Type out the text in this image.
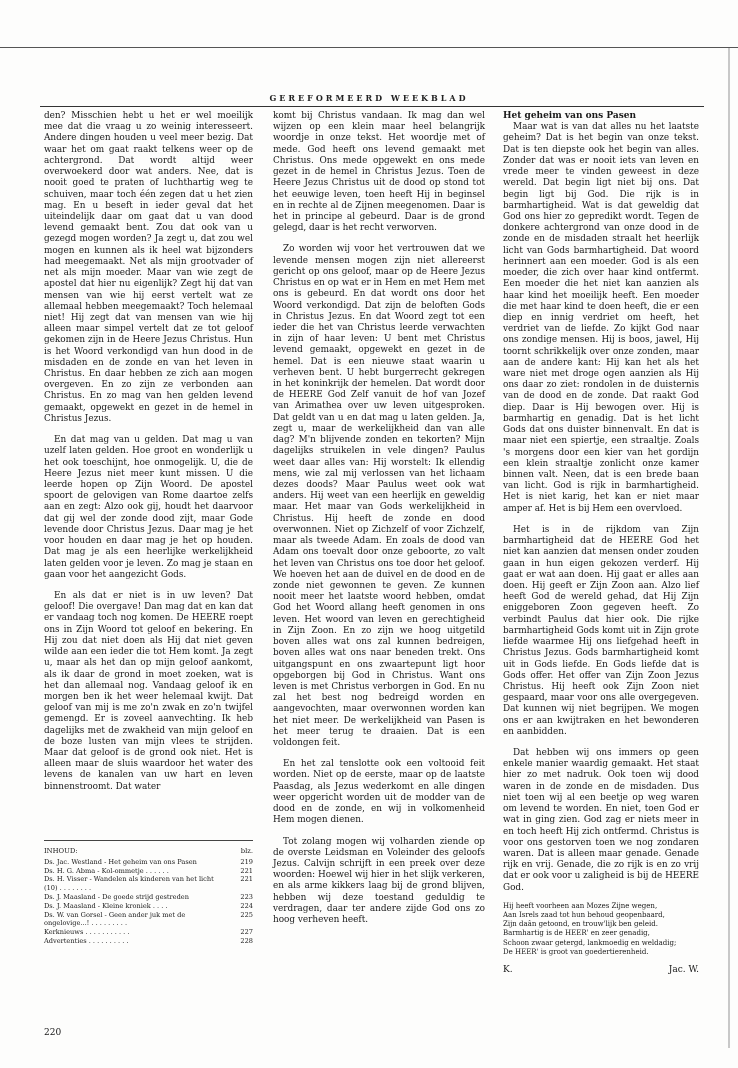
GEREFORMEERD WEEKBLAD

den? Misschien hebt u het er wel moeilijk mee dat die vraag u zo weinig interesseert. Andere dingen houden u veel meer bezig. Dat waar het om gaat raakt telkens weer op de achtergrond. Dat wordt altijd weer overwoekerd door wat anders. Nee, dat is nooit goed te praten of luchthartig weg te schuiven, maar toch één zegen dat u het zien mag. En u beseft in ieder geval dat het uiteindelijk daar om gaat dat u van dood levend gemaakt bent. Zou dat ook van u gezegd mogen worden? Ja zegt u, dat zou wel mogen en kunnen als ik heel wat bijzonders had meegemaakt. Net als mijn grootvader of net als mijn moeder. Maar van wie zegt de apostel dat hier nu eigenlijk? Zegt hij dat van mensen van wie hij eerst vertelt wat ze allemaal hebben meegemaakt? Toch helemaal niet! Hij zegt dat van mensen van wie hij alleen maar simpel vertelt dat ze tot geloof gekomen zijn in de Heere Jezus Christus. Hun is het Woord verkondigd van hun dood in de misdaden en de zonde en van het leven in Christus. En daar hebben ze zich aan mogen overgeven. En zo zijn ze verbonden aan Christus. En zo mag van hen gelden levend gemaakt, opgewekt en gezet in de hemel in Christus Jezus.

En dat mag van u gelden. Dat mag u van uzelf laten gelden. Hoe groot en wonderlijk u het ook toeschijnt, hoe onmogelijk. U, die de Heere Jezus niet meer kunt missen. U die leerde hopen op Zijn Woord. De apostel spoort de gelovigen van Rome daartoe zelfs aan en zegt: Alzo ook gij, houdt het daarvoor dat gij wel der zonde dood zijt, maar Gode levende door Christus Jezus. Daar mag je het voor houden en daar mag je het op houden. Dat mag je als een heerlijke werkelijkheid laten gelden voor je leven. Zo mag je staan en gaan voor het aangezicht Gods.

En als dat er niet is in uw leven? Dat geloof! Die overgave! Dan mag dat en kan dat er vandaag toch nog komen. De HEERE roept ons in Zijn Woord tot geloof en bekering. En Hij zou dat niet doen als Hij dat niet geven wilde aan een ieder die tot Hem komt. Ja zegt u, maar als het dan op mijn geloof aankomt, als ik daar de grond in moet zoeken, wat is het dan allemaal nog. Vandaag geloof ik en morgen ben ik het weer helemaal kwijt. Dat geloof van mij is me zo'n zwak en zo'n twijfel gemengd. Er is zoveel aanvechting. Ik heb dagelijks met de zwakheid van mijn geloof en de boze lusten van mijn vlees te strijden. Maar dat geloof is de grond ook niet. Het is alleen maar de sluis waardoor het water des levens de kanalen van uw hart en leven binnenstroomt. Dat water

INHOUD:	blz.
Ds. Jac. Westland - Het geheim van ons Pasen	219
Ds. H. G. Abma - Kol-ommetje . . . . . .	221
Ds. H. Visser - Wandelen als kinderen van het licht (10) . . . . . . . .
221
Ds. J. Maasland - De goede strijd gestreden	223
Ds. J. Maasland - Kleine kroniek . . . .	224
Ds. W. van Gorsel - Geen ander juk met de ongelovige...! . . . . . . . . .
225
Kerknieuws . . . . . . . . . . .	227
Advertenties . . . . . . . . . .	228
220

komt bij Christus vandaan. Ik mag dan wel wijzen op een klein maar heel belangrijk woordje in onze tekst. Het woordje met of mede. God heeft ons levend gemaakt met Christus. Ons mede opgewekt en ons mede gezet in de hemel in Christus Jezus. Toen de Heere Jezus Christus uit de dood op stond tot het eeuwige leven, toen heeft Hij in beginsel en in rechte al de Zijnen meegenomen. Daar is het in principe al gebeurd. Daar is de grond gelegd, daar is het recht verworven.

Zo worden wij voor het vertrouwen dat we levende mensen mogen zijn niet allereerst gericht op ons geloof, maar op de Heere Jezus Christus en op wat er in Hem en met Hem met ons is gebeurd. En dat wordt ons door het Woord verkondigd. Dat zijn de beloften Gods in Christus Jezus. En dat Woord zegt tot een ieder die het van Christus leerde verwachten in zijn of haar leven: U bent met Christus levend gemaakt, opgewekt en gezet in de hemel. Dat is een nieuwe staat waarin u verheven bent. U hebt burgerrecht gekregen in het koninkrijk der hemelen. Dat wordt door de HEERE God Zelf vanuit de hof van Jozef van Arimathea over uw leven uitgesproken. Dat geldt van u en dat mag u laten gelden. Ja, zegt u, maar de werkelijkheid dan van alle dag? M'n blijvende zonden en tekorten? Mijn dagelijks struikelen in vele dingen? Paulus weet daar alles van: Hij worstelt: Ik ellendig mens, wie zal mij verlossen van het lichaam dezes doods? Maar Paulus weet ook wat anders. Hij weet van een heerlijk en geweldig maar. Het maar van Gods werkelijkheid in Christus. Hij heeft de zonde en dood overwonnen. Niet op Zichzelf of voor Zichzelf, maar als tweede Adam. En zoals de dood van Adam ons toevalt door onze geboorte, zo valt het leven van Christus ons toe door het geloof. We hoeven het aan de duivel en de dood en de zonde niet gewonnen te geven. Ze kunnen nooit meer het laatste woord hebben, omdat God het Woord allang heeft genomen in ons leven. Het woord van leven en gerechtigheid in Zijn Zoon. En zo zijn we hoog uitgetild boven alles wat ons zal kunnen bedreigen, boven alles wat ons naar beneden trekt. Ons uitgangspunt en ons zwaartepunt ligt hoor opgeborgen bij God in Christus. Want ons leven is met Christus verborgen in God. En nu zal het best nog bedreigd worden en aangevochten, maar overwonnen worden kan het niet meer. De werkelijkheid van Pasen is het meer terug te draaien. Dat is een voldongen feit.

En het zal tenslotte ook een voltooid feit worden. Niet op de eerste, maar op de laatste Paasdag, als Jezus wederkomt en alle dingen weer opgericht worden uit de modder van de dood en de zonde, en wij in volkomenheid Hem mogen dienen.

Tot zolang mogen wij volharden ziende op de overste Leidsman en Voleinder des geloofs Jezus. Calvijn schrijft in een preek over deze woorden: Hoewel wij hier in het slijk verkeren, en als arme kikkers laag bij de grond blijven, hebben wij deze toestand geduldig te verdragen, daar ter andere zijde God ons zo hoog verheven heeft.

Het geheim van ons Pasen

Maar wat is van dat alles nu het laatste geheim? Dat is het begin van onze tekst. Dat is ten diepste ook het begin van alles. Zonder dat was er nooit iets van leven en vrede meer te vinden geweest in deze wereld. Dat begin ligt niet bij ons. Dat begin ligt bij God. Die rijk is in barmhartigheid. Wat is dat geweldig dat God ons hier zo gepredikt wordt. Tegen de donkere achtergrond van onze dood in de zonde en de misdaden straalt het heerlijk licht van Gods barmhartigheid. Dat woord herinnert aan een moeder. God is als een moeder, die zich over haar kind ontfermt. Een moeder die het niet kan aanzien als haar kind het moeilijk heeft. Een moeder die met haar kind te doen heeft, die er een diep en innig verdriet om heeft, het verdriet van de liefde. Zo kijkt God naar ons zondige mensen. Hij is boos, jawel, Hij toornt schrikkelijk over onze zonden, maar aan de andere kant: Hij kan het als het ware niet met droge ogen aanzien als Hij ons daar zo ziet: rondolen in de duisternis van de dood en de zonde. Dat raakt God diep. Daar is Hij bewogen over. Hij is barmhartig en genadig. Dat is het licht Gods dat ons duister binnenvalt. En dat is maar niet een spiertje, een straaltje. Zoals 's morgens door een kier van het gordijn een klein straaltje zonlicht onze kamer binnen valt. Neen, dat is een brede baan van licht. God is rijk in barmhartigheid. Het is niet karig, het kan er niet maar amper af. Het is bij Hem een overvloed.

Het is in de rijkdom van Zijn barmhartigheid dat de HEERE God het niet kan aanzien dat mensen onder zouden gaan in hun eigen gekozen verderf. Hij gaat er wat aan doen. Hij gaat er alles aan doen. Hij geeft er Zijn Zoon aan. Alzo lief heeft God de wereld gehad, dat Hij Zijn eniggeboren Zoon gegeven heeft. Zo verbindt Paulus dat hier ook. Die rijke barmhartigheid Gods komt uit in Zijn grote liefde waarmee Hij ons liefgehad heeft in Christus Jezus. Gods barmhartigheid komt uit in Gods liefde. En Gods liefde dat is Gods offer. Het offer van Zijn Zoon Jezus Christus. Hij heeft ook Zijn Zoon niet gespaard, maar voor ons alle overgegeven. Dat kunnen wij niet begrijpen. We mogen ons er aan kwijtraken en het bewonderen en aanbidden.

Dat hebben wij ons immers op geen enkele manier waardig gemaakt. Het staat hier zo met nadruk. Ook toen wij dood waren in de zonde en de misdaden. Dus niet toen wij al een beetje op weg waren om levend te worden. En niet, toen God er wat in ging zien. God zag er niets meer in en toch heeft Hij zich ontfermd. Christus is voor ons gestorven toen we nog zondaren waren. Dat is alleen maar genade. Genade rijk en vrij. Genade, die zo rijk is en zo vrij dat er ook voor u zaligheid is bij de HEERE God.

Hij heeft voorheen aan Mozes Zijne wegen,

Aan Isrels zaad tot hun behoud geopenbaard,

Zijn daân getoond, en trouw'lijk ben geleid.

Barmhartig is de HEER' en zeer genadig,

Schoon zwaar getergd, lankmoedig en weldadig;

De HEER' is groot van goedertierenheid.

K.	Jac. W.
